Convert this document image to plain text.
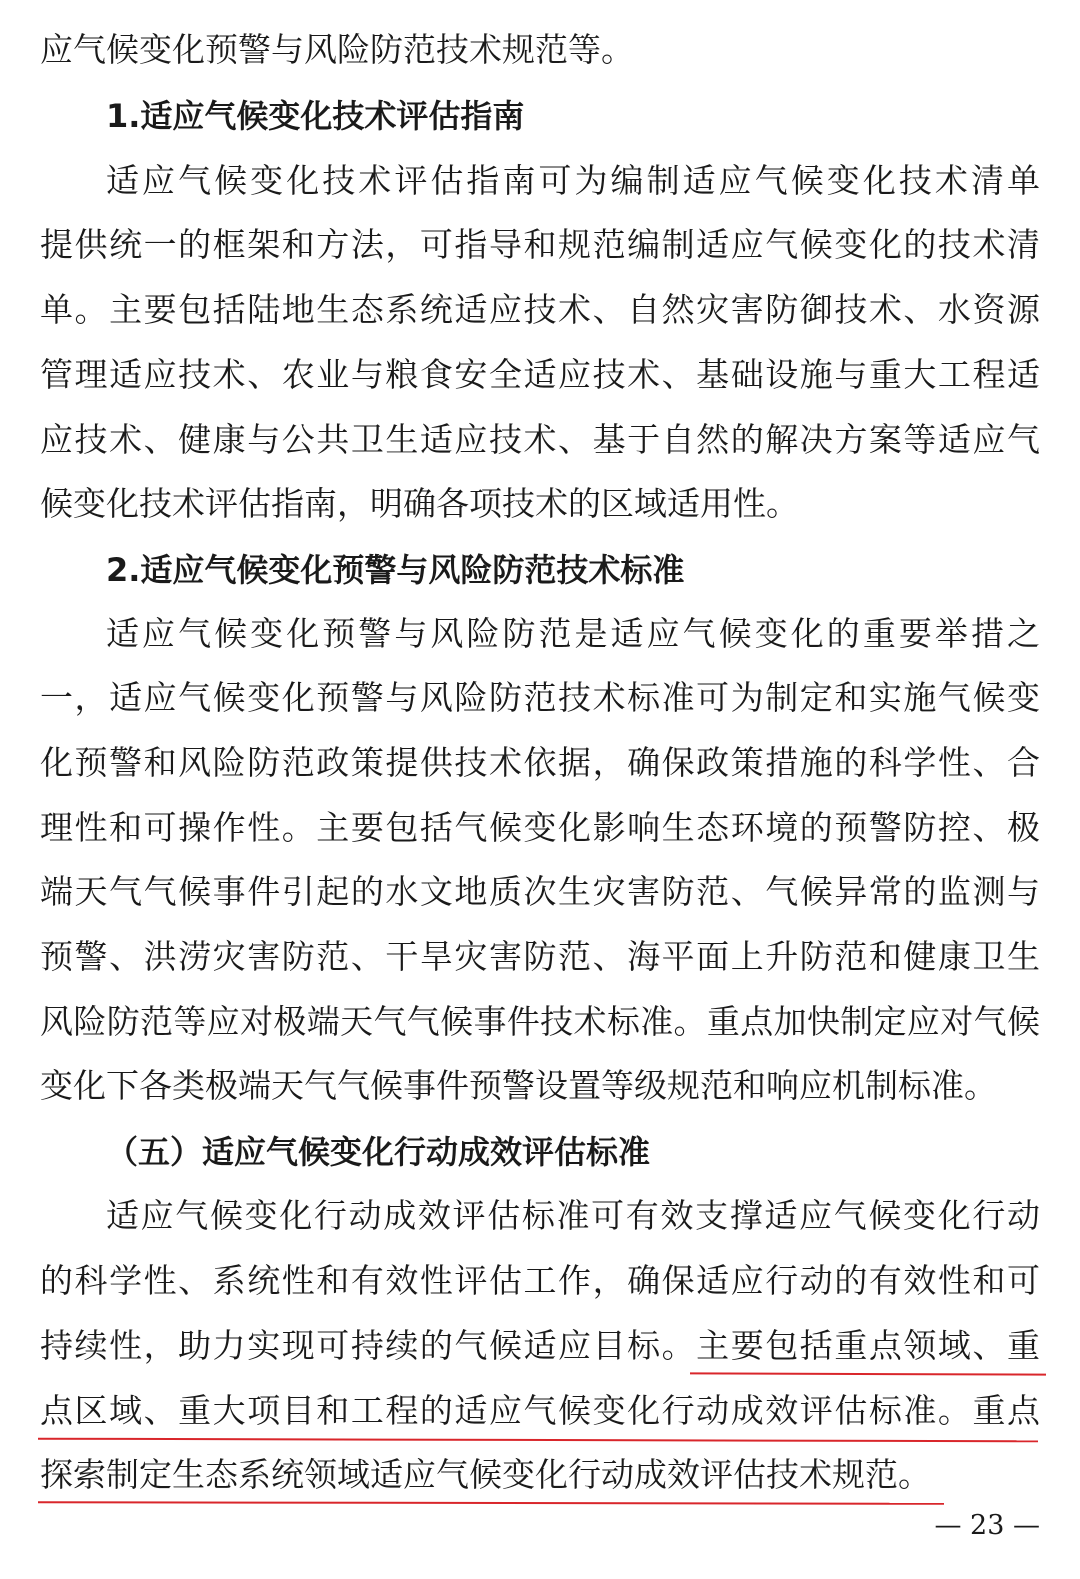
应气候变化预警与风险防范技术规范等。
1.适应气候变化技术评估指南
适应气候变化技术评估指南可为编制适应气候变化技术清单
提供统一的框架和方法，可指导和规范编制适应气候变化的技术清
单。主要包括陆地生态系统适应技术、自然灾害防御技术、水资源
管理适应技术、农业与粮食安全适应技术、基础设施与重大工程适
应技术、健康与公共卫生适应技术、基于自然的解决方案等适应气
候变化技术评估指南，明确各项技术的区域适用性。
2.适应气候变化预警与风险防范技术标准
适应气候变化预警与风险防范是适应气候变化的重要举措之
一，适应气候变化预警与风险防范技术标准可为制定和实施气候变
化预警和风险防范政策提供技术依据，确保政策措施的科学性、合
理性和可操作性。主要包括气候变化影响生态环境的预警防控、极
端天气气候事件引起的水文地质次生灾害防范、气候异常的监测与
预警、洪涝灾害防范、干旱灾害防范、海平面上升防范和健康卫生
风险防范等应对极端天气气候事件技术标准。重点加快制定应对气候
变化下各类极端天气气候事件预警设置等级规范和响应机制标准。
（五）适应气候变化行动成效评估标准
适应气候变化行动成效评估标准可有效支撑适应气候变化行动
的科学性、系统性和有效性评估工作，确保适应行动的有效性和可
持续性，助力实现可持续的气候适应目标。主要包括重点领域、重
点区域、重大项目和工程的适应气候变化行动成效评估标准。重点
探索制定生态系统领域适应气候变化行动成效评估技术规范。
— 23 —
